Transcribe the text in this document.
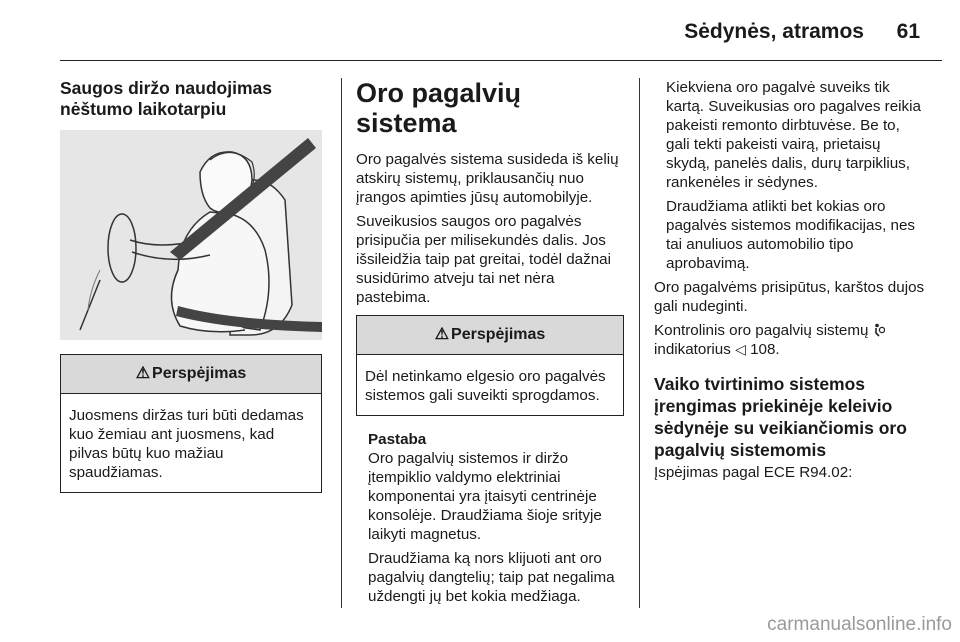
Sėdynės, atramos 61
Saugos diržo naudojimas nėštumo laikotarpiu
⚠ Perspėjimas
Juosmens diržas turi būti dedamas kuo žemiau ant juosmens, kad pilvas būtų kuo mažiau spaudžiamas.
Oro pagalvių sistema

Oro pagalvės sistema susideda iš kelių atskirų sistemų, priklausančių nuo įrangos apimties jūsų automobilyje.

Suveikusios saugos oro pagalvės prisipučia per milisekundės dalis. Jos išsileidžia taip pat greitai, todėl dažnai susidūrimo atveju tai net nėra pastebima.

⚠ Perspėjimas
Dėl netinkamo elgesio oro pagalvės sistemos gali suveikti sprogdamos.
Pastaba

Oro pagalvių sistemos ir diržo įtempiklio valdymo elektriniai komponentai yra įtaisyti centrinėje konsolėje. Draudžiama šioje srityje laikyti magnetus.

Draudžiama ką nors klijuoti ant oro pagalvių dangtelių; taip pat negalima uždengti jų bet kokia medžiaga.

Kiekviena oro pagalvė suveiks tik kartą. Suveikusias oro pagalves reikia pakeisti remonto dirbtuvėse. Be to, gali tekti pakeisti vairą, prietaisų skydą, panelės dalis, durų tarpiklius, rankenėles ir sėdynes.

Draudžiama atlikti bet kokias oro pagalvės sistemos modifikacijas, nes tai anuliuos automobilio tipo aprobavimą.

Oro pagalvėms prisipūtus, karštos dujos gali nudeginti.

Kontrolinis oro pagalvių sistemų
indikatorius ◁ 108.

Vaiko tvirtinimo sistemos įrengimas priekinėje keleivio sėdynėje su veikiančiomis oro pagalvių sistemomis

Įspėjimas pagal ECE R94.02:

carmanualsonline.info
